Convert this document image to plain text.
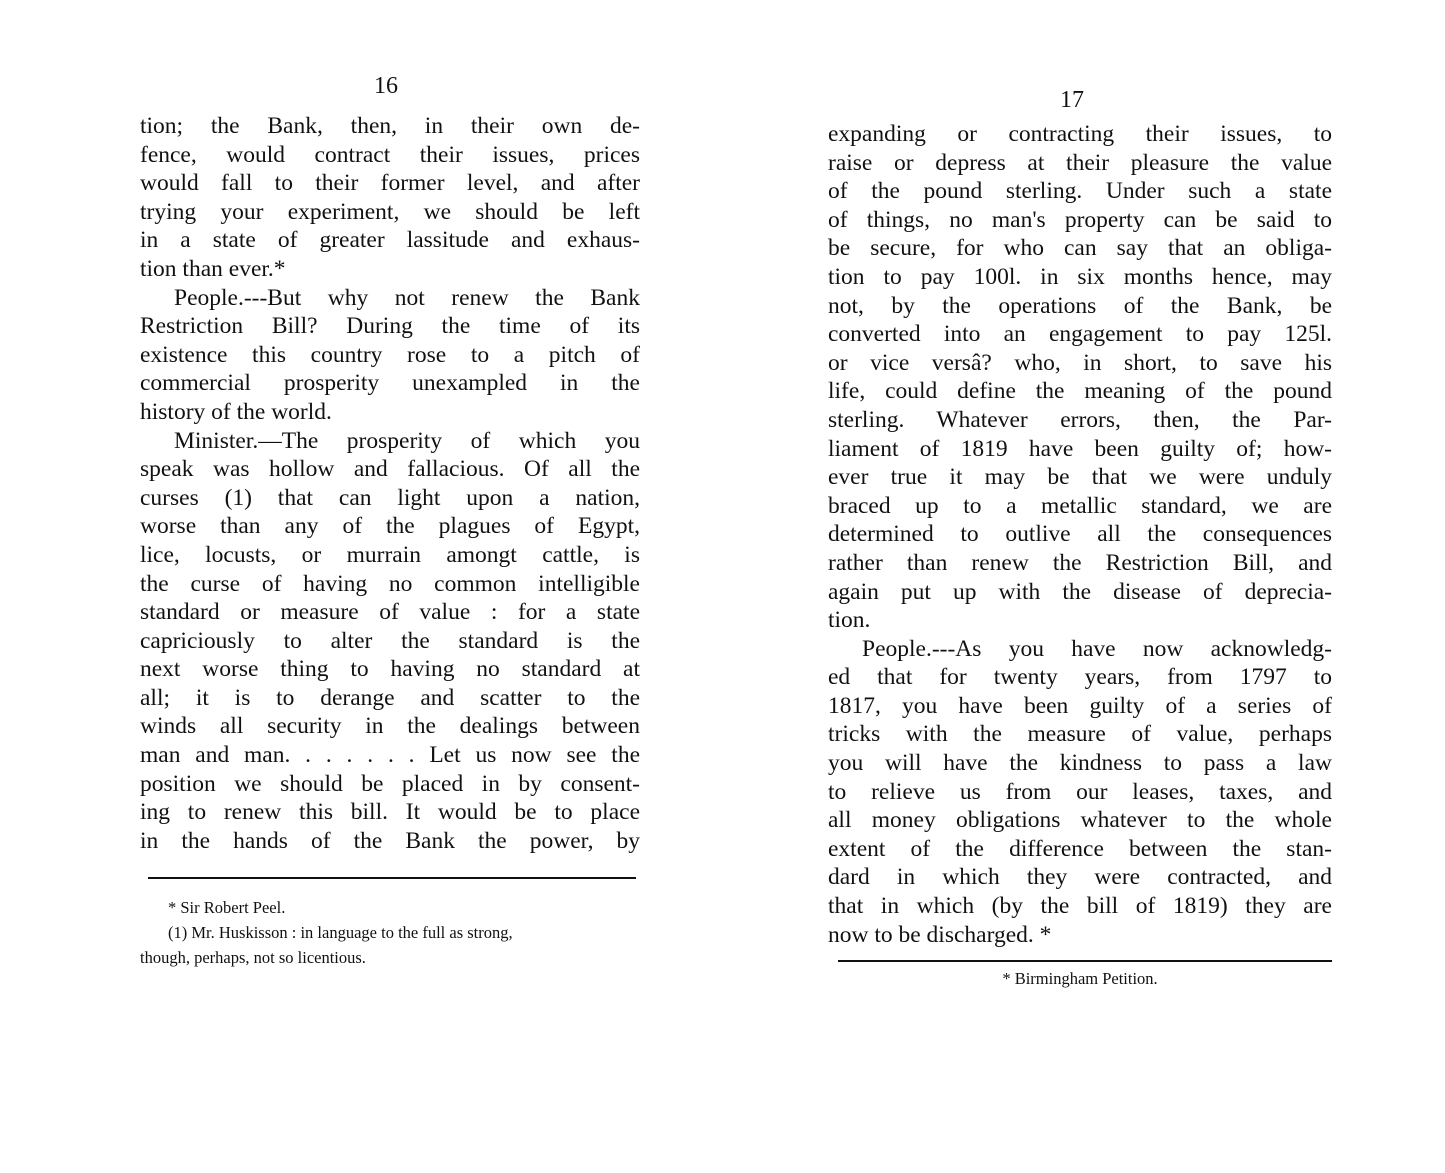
16
tion; the Bank, then, in their own de-
fence, would contract their issues, prices
would fall to their former level, and after
trying your experiment, we should be left
in a state of greater lassitude and exhaus-
tion than ever.*
People.---But why not renew the Bank
Restriction Bill? During the time of its
existence this country rose to a pitch of
commercial prosperity unexampled in the
history of the world.
Minister.—The prosperity of which you
speak was hollow and fallacious. Of all the
curses (1) that can light upon a nation,
worse than any of the plagues of Egypt,
lice, locusts, or murrain amongt cattle, is
the curse of having no common intelligible
standard or measure of value : for a state
capriciously to alter the standard is the
next worse thing to having no standard at
all; it is to derange and scatter to the
winds all security in the dealings between
man and man. . . . . . . Let us now see the
position we should be placed in by consent-
ing to renew this bill. It would be to place
in the hands of the Bank the power, by
* Sir Robert Peel.
(1) Mr. Huskisson : in language to the full as strong,
though, perhaps, not so licentious.
17
expanding or contracting their issues, to
raise or depress at their pleasure the value
of the pound sterling. Under such a state
of things, no man's property can be said to
be secure, for who can say that an obliga-
tion to pay 100l. in six months hence, may
not, by the operations of the Bank, be
converted into an engagement to pay 125l.
or vice versâ? who, in short, to save his
life, could define the meaning of the pound
sterling. Whatever errors, then, the Par-
liament of 1819 have been guilty of; how-
ever true it may be that we were unduly
braced up to a metallic standard, we are
determined to outlive all the consequences
rather than renew the Restriction Bill, and
again put up with the disease of deprecia-
tion.
People.---As you have now acknowledg-
ed that for twenty years, from 1797 to
1817, you have been guilty of a series of
tricks with the measure of value, perhaps
you will have the kindness to pass a law
to relieve us from our leases, taxes, and
all money obligations whatever to the whole
extent of the difference between the stan-
dard in which they were contracted, and
that in which (by the bill of 1819) they are
now to be discharged. *
* Birmingham Petition.
